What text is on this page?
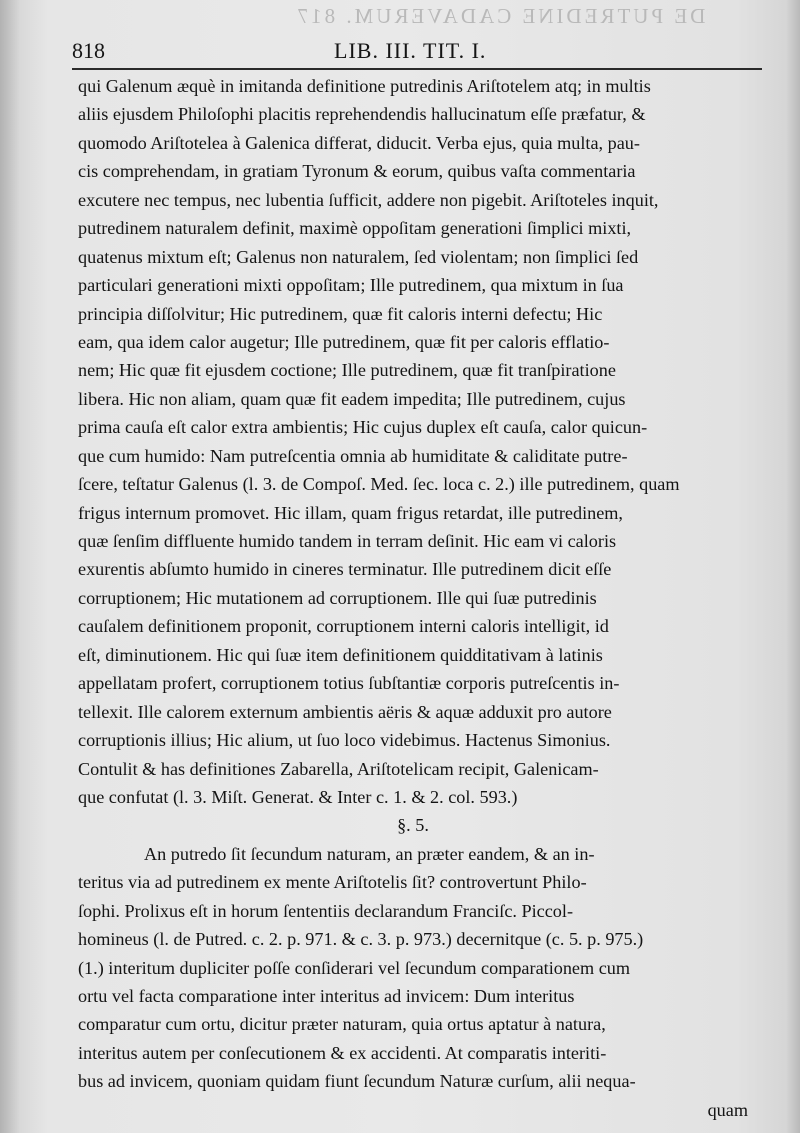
DE PUTREDINE CADAVERUM. 817
818	LIB. III. TIT. I.
qui Galenum æquè in imitanda definitione putredinis Ariſtotelem atq; in multis
aliis ejusdem Philoſophi placitis reprehendendis hallucinatum eſſe præfatur, &
quomodo Ariſtotelea à Galenica differat, diducit. Verba ejus, quia multa, pau-
cis comprehendam, in gratiam Tyronum & eorum, quibus vaſta commentaria
excutere nec tempus, nec lubentia ſufficit, addere non pigebit. Ariſtoteles inquit,
putredinem naturalem definit, maximè oppoſitam generationi ſimplici mixti,
quatenus mixtum eſt; Galenus non naturalem, ſed violentam; non ſimplici ſed
particulari generationi mixti oppoſitam; Ille putredinem, qua mixtum in ſua
principia diſſolvitur; Hic putredinem, quæ fit caloris interni defectu; Hic
eam, qua idem calor augetur; Ille putredinem, quæ fit per caloris efflatio-
nem; Hic quæ fit ejusdem coctione; Ille putredinem, quæ fit tranſpiratione
libera. Hic non aliam, quam quæ fit eadem impedita; Ille putredinem, cujus
prima cauſa eſt calor extra ambientis; Hic cujus duplex eſt cauſa, calor quicun-
que cum humido: Nam putreſcentia omnia ab humiditate & caliditate putre-
ſcere, teſtatur Galenus (l. 3. de Compoſ. Med. ſec. loca c. 2.) ille putredinem, quam
frigus internum promovet. Hic illam, quam frigus retardat, ille putredinem,
quæ ſenſim diffluente humido tandem in terram deſinit. Hic eam vi caloris
exurentis abſumto humido in cineres terminatur. Ille putredinem dicit eſſe
corruptionem; Hic mutationem ad corruptionem. Ille qui ſuæ putredinis
cauſalem definitionem proponit, corruptionem interni caloris intelligit, id
eſt, diminutionem. Hic qui ſuæ item definitionem quidditativam à latinis
appellatam profert, corruptionem totius ſubſtantiæ corporis putreſcentis in-
tellexit. Ille calorem externum ambientis aëris & aquæ adduxit pro autore
corruptionis illius; Hic alium, ut ſuo loco videbimus. Hactenus Simonius.
Contulit & has definitiones Zabarella, Ariſtotelicam recipit, Galenicam-
que confutat (l. 3. Miſt. Generat. & Inter c. 1. & 2. col. 593.)
§. 5.
An putredo ſit ſecundum naturam, an præter eandem, & an in-
teritus via ad putredinem ex mente Ariſtotelis ſit? controvertunt Philo-
ſophi. Prolixus eſt in horum ſententiis declarandum Franciſc. Piccol-
homineus (l. de Putred. c. 2. p. 971. & c. 3. p. 973.) decernitque (c. 5. p. 975.)
(1.) interitum dupliciter poſſe conſiderari vel ſecundum comparationem cum
ortu vel facta comparatione inter interitus ad invicem: Dum interitus
comparatur cum ortu, dicitur præter naturam, quia ortus aptatur à natura,
interitus autem per conſecutionem & ex accidenti. At comparatis interiti-
bus ad invicem, quoniam quidam fiunt ſecundum Naturæ curſum, alii nequa-
quam
